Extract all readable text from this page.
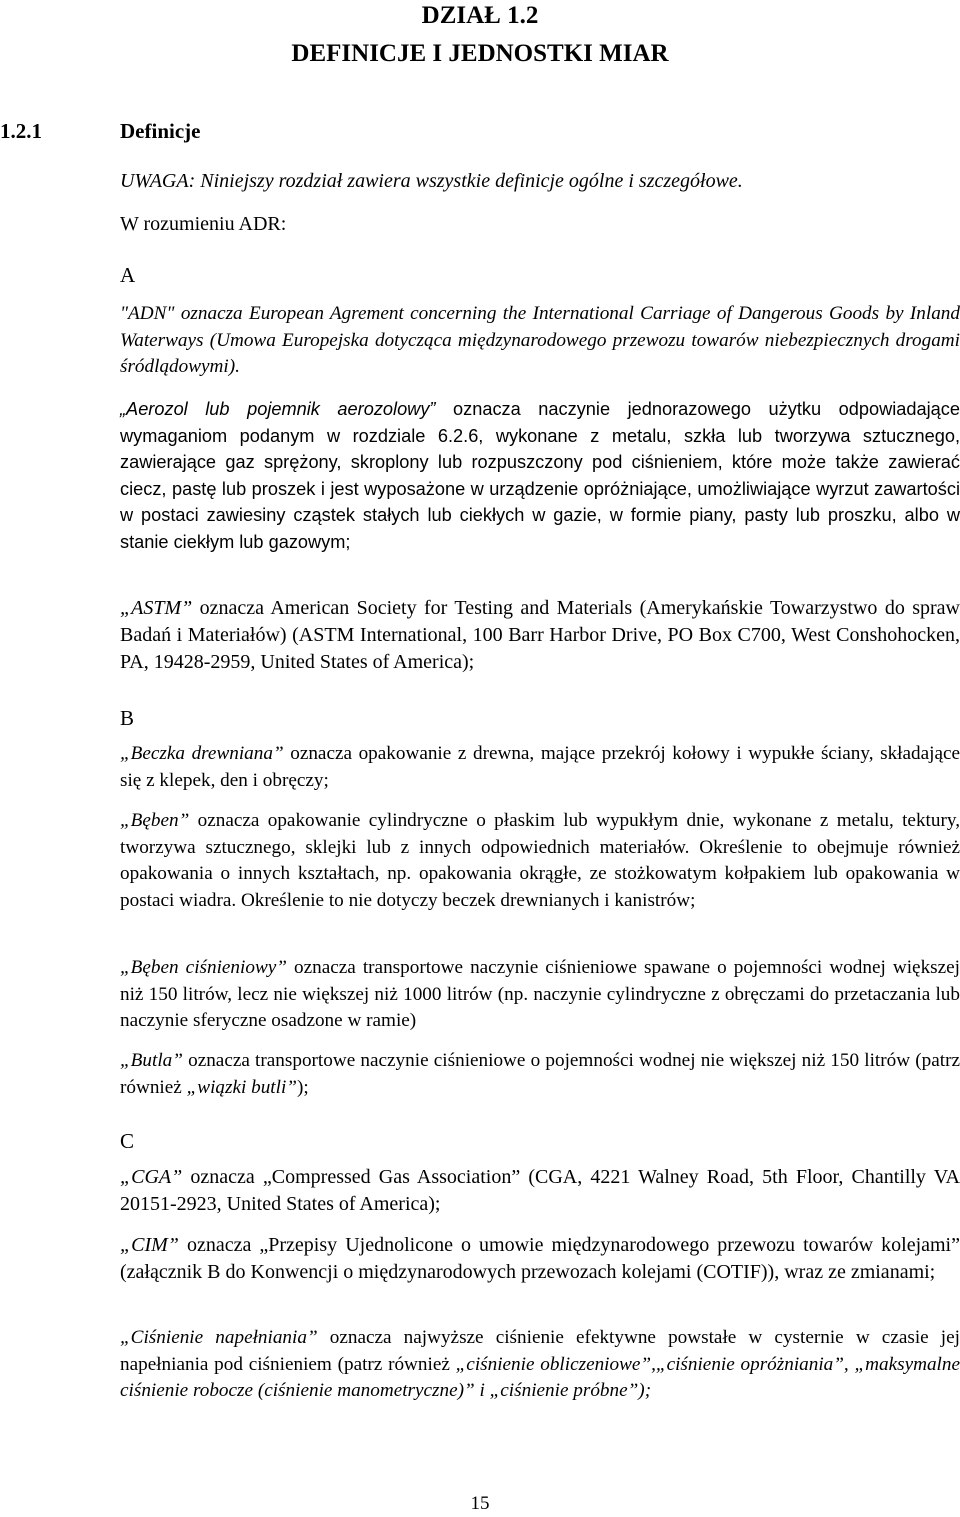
DZIAŁ 1.2
DEFINICJE I JEDNOSTKI MIAR
1.2.1	Definicje
UWAGA: Niniejszy rozdział zawiera wszystkie definicje ogólne i szczegółowe.
W rozumieniu ADR:
A
"ADN" oznacza European Agrement concerning the International Carriage of Dangerous Goods by Inland Waterways (Umowa Europejska dotycząca międzynarodowego przewozu towarów niebezpiecznych drogami śródlądowymi).
„Aerozol lub pojemnik aerozolowy” oznacza naczynie jednorazowego użytku odpowiadające wymaganiom podanym w rozdziale 6.2.6, wykonane z metalu, szkła lub tworzywa sztucznego, zawierające gaz sprężony, skroplony lub rozpuszczony pod ciśnieniem, które może także zawierać ciecz, pastę lub proszek i jest wyposażone w urządzenie opróżniające, umożliwiające wyrzut zawartości w postaci zawiesiny cząstek stałych lub ciekłych w gazie, w formie piany, pasty lub proszku, albo w stanie ciekłym lub gazowym;
„ASTM” oznacza American Society for Testing and Materials (Amerykańskie Towarzystwo do spraw Badań i Materiałów) (ASTM International, 100 Barr Harbor Drive, PO Box C700, West Conshohocken, PA, 19428-2959, United States of America);
B
„Beczka drewniana” oznacza opakowanie z drewna, mające przekrój kołowy i wypukłe ściany, składające się z klepek, den i obręczy;
„Bęben” oznacza opakowanie cylindryczne o płaskim lub wypukłym dnie, wykonane z metalu, tektury, tworzywa sztucznego, sklejki lub z innych odpowiednich materiałów. Określenie to obejmuje również opakowania o innych kształtach, np. opakowania okrągłe, ze stożkowatym kołpakiem lub opakowania w postaci wiadra. Określenie to nie dotyczy beczek drewnianych i kanistrów;
„Bęben ciśnieniowy” oznacza transportowe naczynie ciśnieniowe spawane o pojemności wodnej większej niż 150 litrów, lecz nie większej niż 1000 litrów (np. naczynie cylindryczne z obręczami do przetaczania lub naczynie sferyczne osadzone w ramie)
„Butla” oznacza transportowe naczynie ciśnieniowe o pojemności wodnej nie większej niż 150 litrów (patrz również „wiązki butli”);
C
„CGA” oznacza „Compressed Gas Association” (CGA, 4221 Walney Road, 5th Floor, Chantilly VA 20151-2923, United States of America);
„CIM” oznacza „Przepisy Ujednolicone o umowie międzynarodowego przewozu towarów kolejami” (załącznik B do Konwencji o międzynarodowych przewozach kolejami (COTIF)), wraz ze zmianami;
„Ciśnienie napełniania” oznacza najwyższe ciśnienie efektywne powstałe w cysternie w czasie jej napełniania pod ciśnieniem (patrz również „ciśnienie obliczeniowe”,„ciśnienie opróżniania”, „maksymalne ciśnienie robocze (ciśnienie manometryczne)” i „ciśnienie próbne”);
15
